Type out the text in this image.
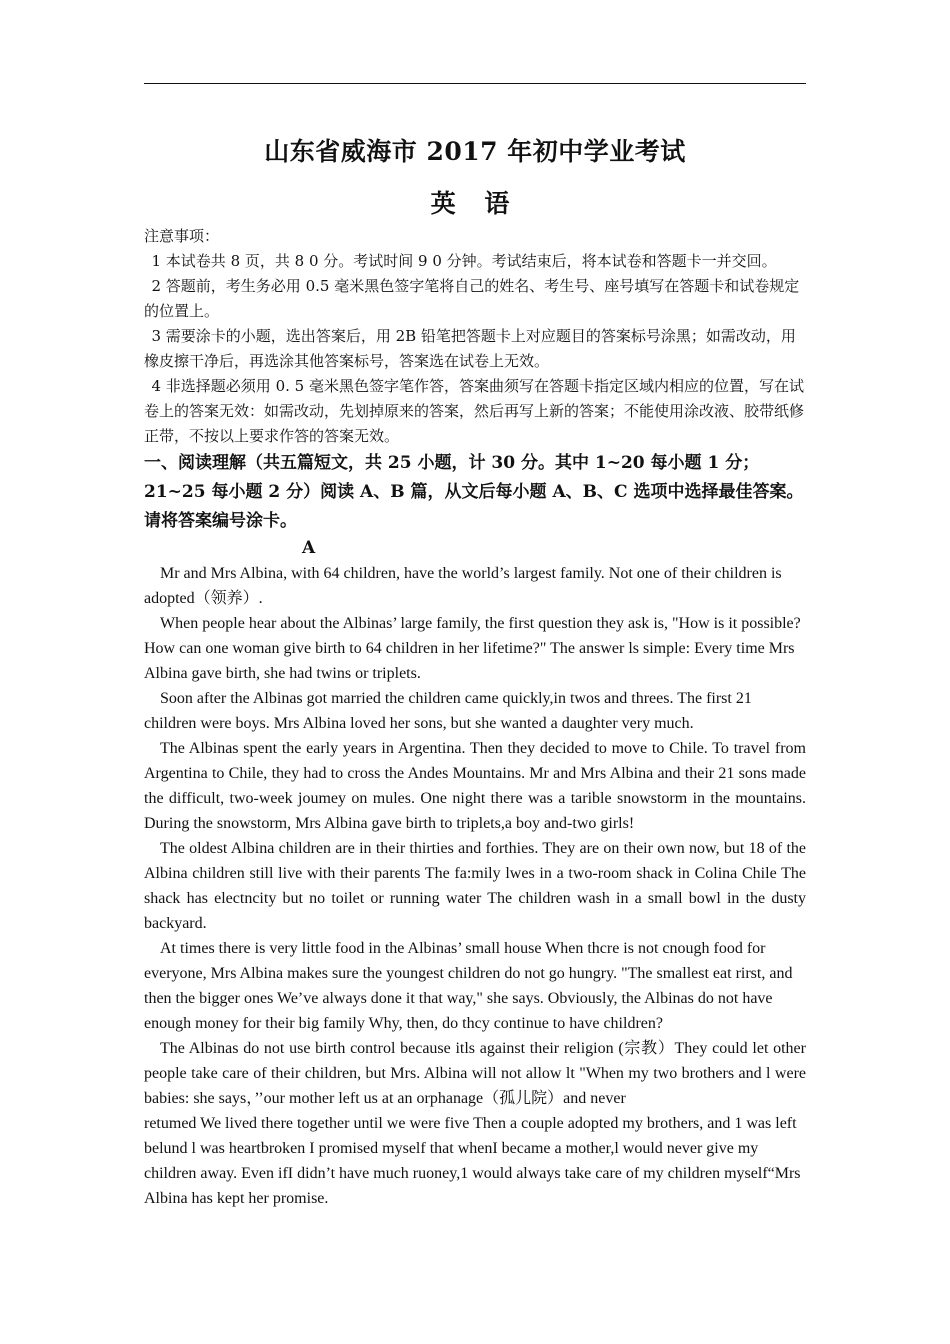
山东省威海市 2017 年初中学业考试
英 语

注意事项：

1 本试卷共 8 页，共 8 0 分。考试时间 9 0 分钟。考试结束后，将本试卷和答题卡一并交回。

2 答题前，考生务必用 0.5 毫米黑色签字笔将自己的姓名、考生号、座号填写在答题卡和试卷规定的位置上。

3 需要涂卡的小题，选出答案后，用 2B 铅笔把答题卡上对应题目的答案标号涂黑；如需改动，用橡皮擦干净后，再选涂其他答案标号，答案选在试卷上无效。

4 非选择题必须用 0. 5 毫米黑色签字笔作答，答案曲须写在答题卡指定区域内相应的位置，写在试卷上的答案无效：如需改动，先划掉原来的答案，然后再写上新的答案；不能使用涂改液、胶带纸修正带，不按以上要求作答的答案无效。

一、阅读理解（共五篇短文，共 25 小题，计 30 分。其中 1~20 每小题 1 分；21~25 每小题 2 分）阅读 A、B 篇，从文后每小题 A、B、C 选项中选择最佳答案。请将答案编号涂卡。

A

Mr and Mrs Albina, with 64 children, have the world’s largest family. Not one of their children is adopted（领养）.

When people hear about the Albinas’ large family, the first question they ask is, "How is it possible? How can one woman give birth to 64 children in her lifetime?" The answer ls simple: Every time Mrs Albina gave birth, she had twins or triplets.

Soon after the Albinas got married the children came quickly,in twos and threes. The first 21 children were boys. Mrs Albina loved her sons, but she wanted a daughter very much.

The Albinas spent the early years in Argentina. Then they decided to move to Chile. To travel from Argentina to Chile, they had to cross the Andes Mountains. Mr and Mrs Albina and their 21 sons made the difficult, two-week joumey on mules. One night there was a tarible snowstorm in the mountains. During the snowstorm, Mrs Albina gave birth to triplets,a boy and-two girls!

The oldest Albina children are in their thirties and forthies. They are on their own now, but 18 of the Albina children still live with their parents The fa:mily lwes in a two-room shack in Colina Chile The shack has electncity but no toilet or running water The children wash in a small bowl in the dusty backyard.

At times there is very little food in the Albinas’ small house When thcre is not cnough food for everyone, Mrs Albina makes sure the youngest children do not go hungry. "The smallest eat rirst, and then the bigger ones We’ve always done it that way," she says. Obviously, the Albinas do not have enough money for their big family Why, then, do thcy continue to have children?

The Albinas do not use birth control because itls against their religion (宗教）They could let other people take care of their children, but Mrs. Albina will not allow lt "When my two brothers and l were babies: she says，’’our mother left us at an orphanage（孤儿院）and never

retumed We lived there together until we were five Then a couple adopted my brothers, and 1 was left belund l was heartbroken I promised myself that whenI became a mother,l would never give my children away. Even ifI didn’t have much ruoney,1 would always take care of my children myself“Mrs Albina has kept her promise.
